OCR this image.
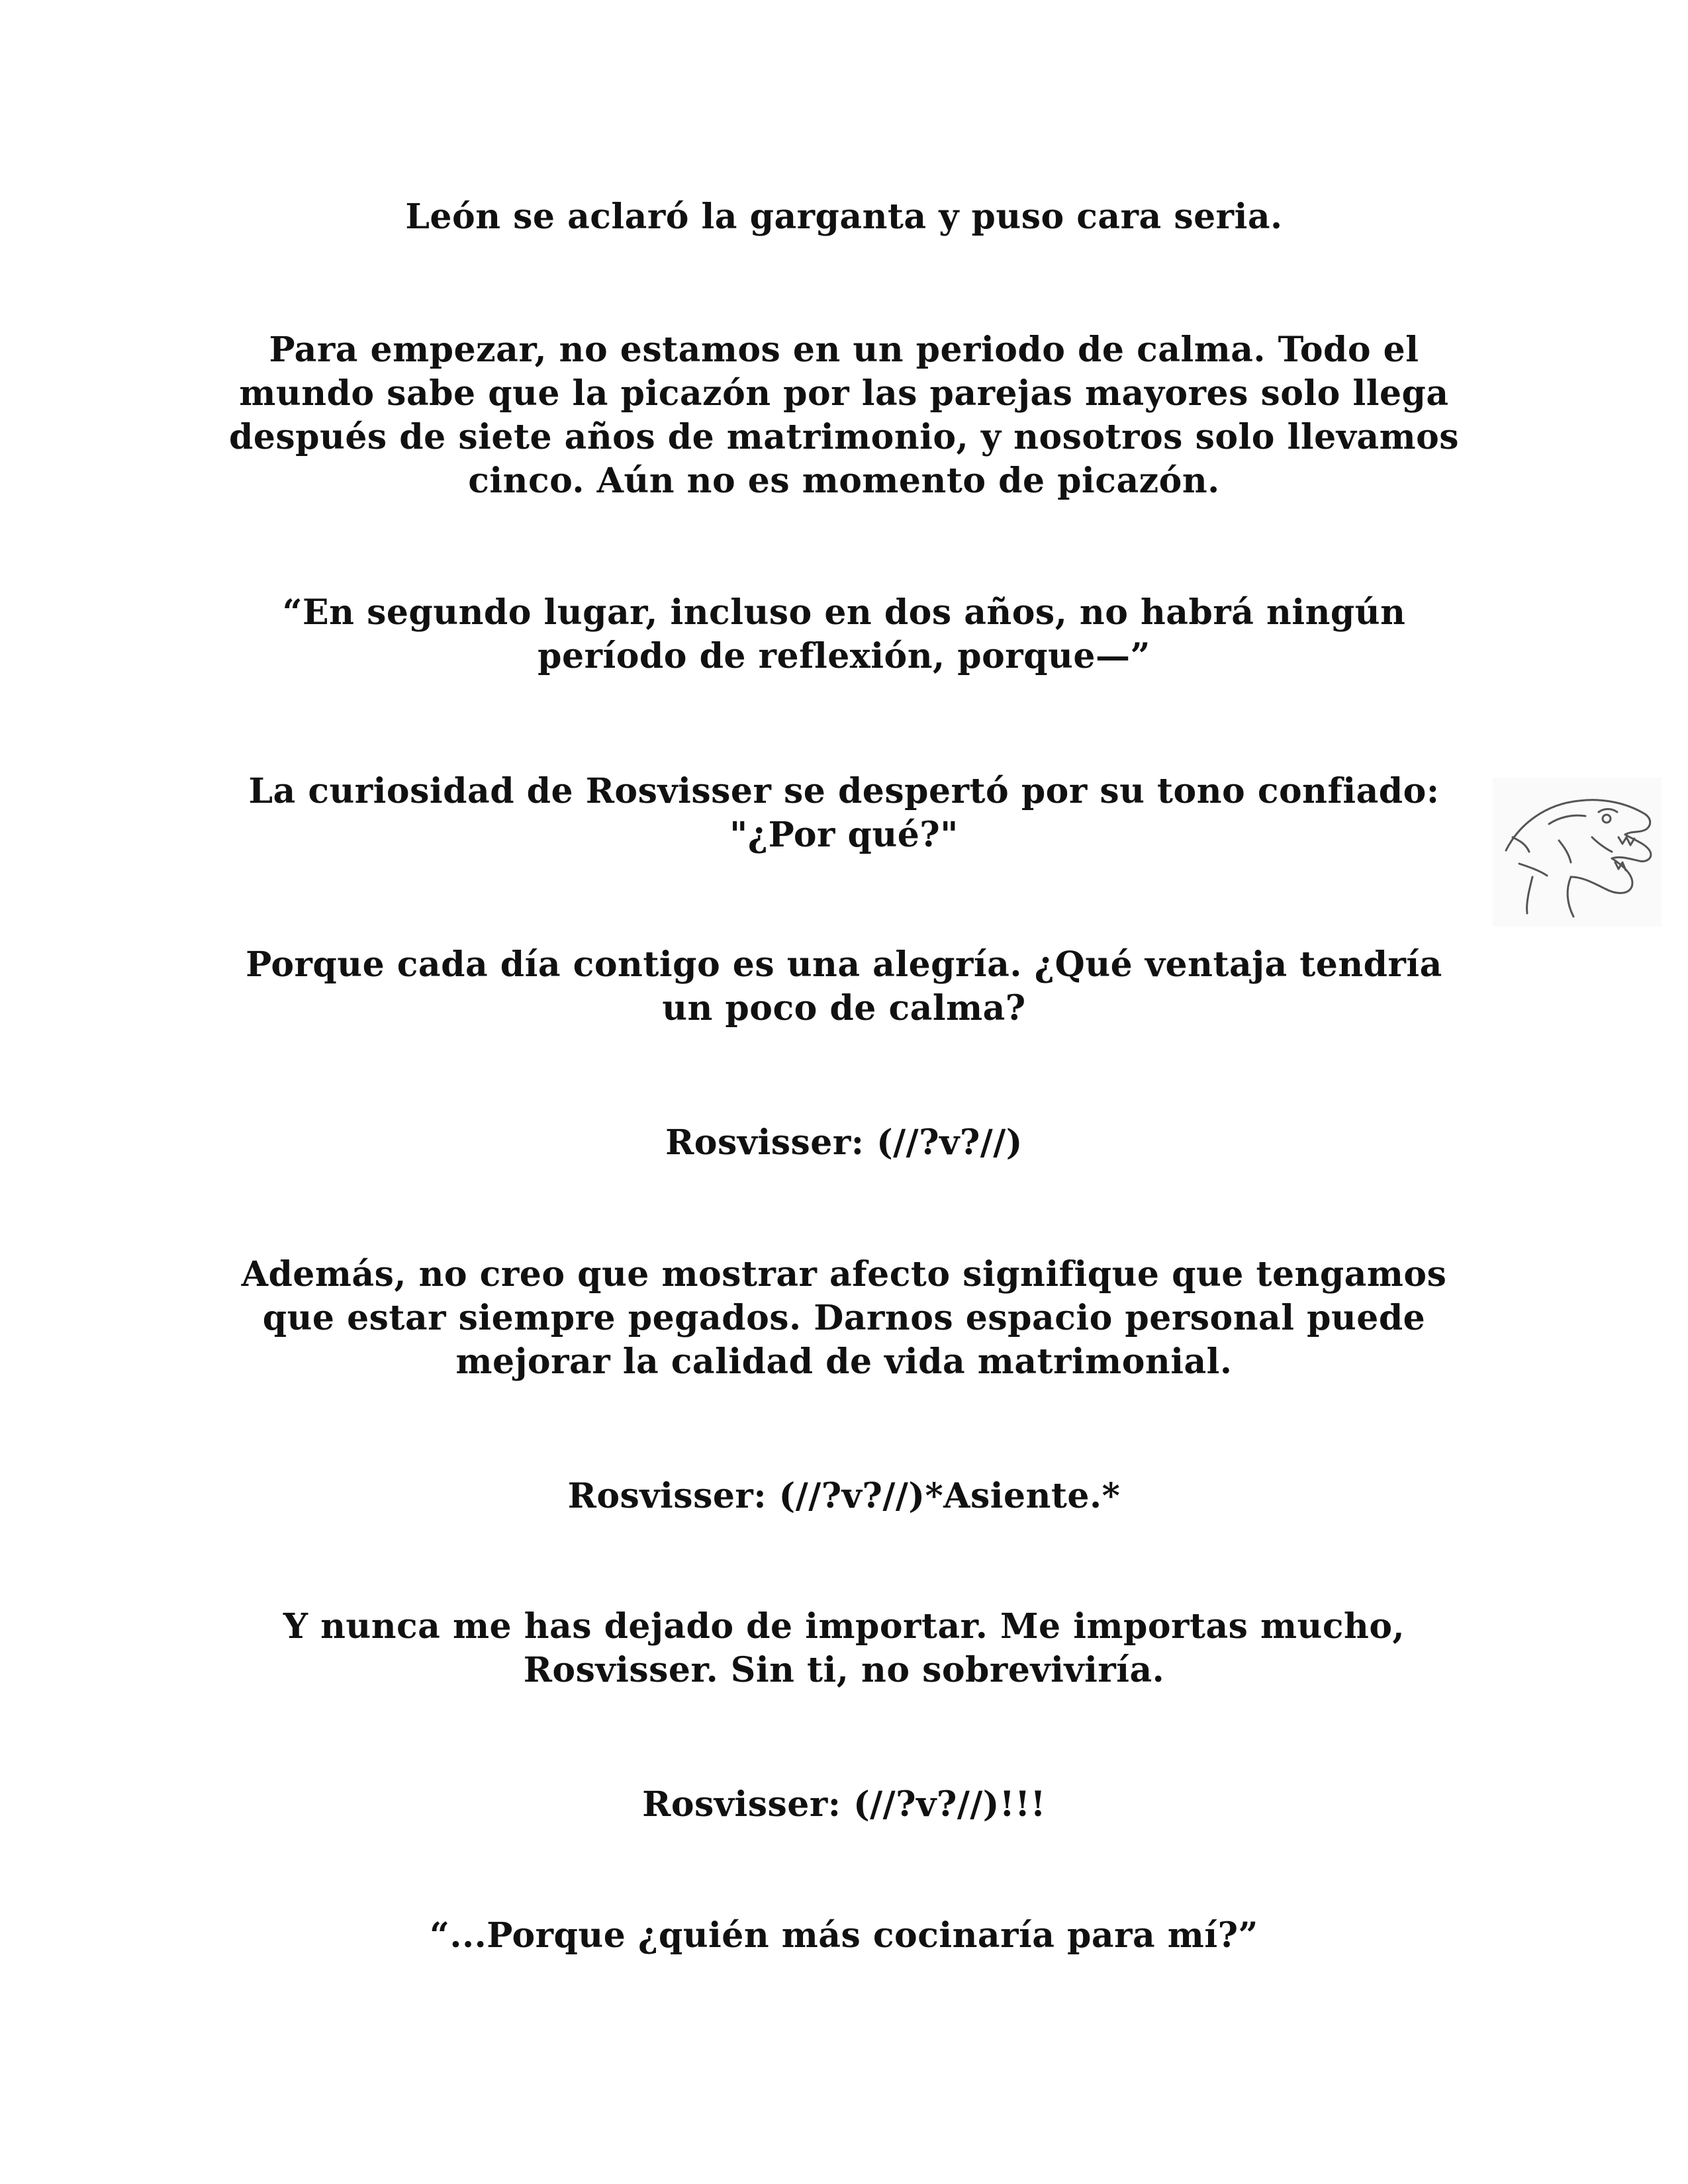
León se aclaró la garganta y puso cara seria.

Para empezar, no estamos en un periodo de calma. Todo el
mundo sabe que la picazón por las parejas mayores solo llega
después de siete años de matrimonio, y nosotros solo llevamos
cinco. Aún no es momento de picazón.

“En segundo lugar, incluso en dos años, no habrá ningún
período de reflexión, porque—”

La curiosidad de Rosvisser se despertó por su tono confiado:
"¿Por qué?"

Porque cada día contigo es una alegría. ¿Qué ventaja tendría
un poco de calma?

Rosvisser: (//?v?//)

Además, no creo que mostrar afecto signifique que tengamos
que estar siempre pegados. Darnos espacio personal puede
mejorar la calidad de vida matrimonial.

Rosvisser: (//?v?//)*Asiente.*

Y nunca me has dejado de importar. Me importas mucho,
Rosvisser. Sin ti, no sobreviviría.

Rosvisser: (//?v?//)!!!

“...Porque ¿quién más cocinaría para mí?”
